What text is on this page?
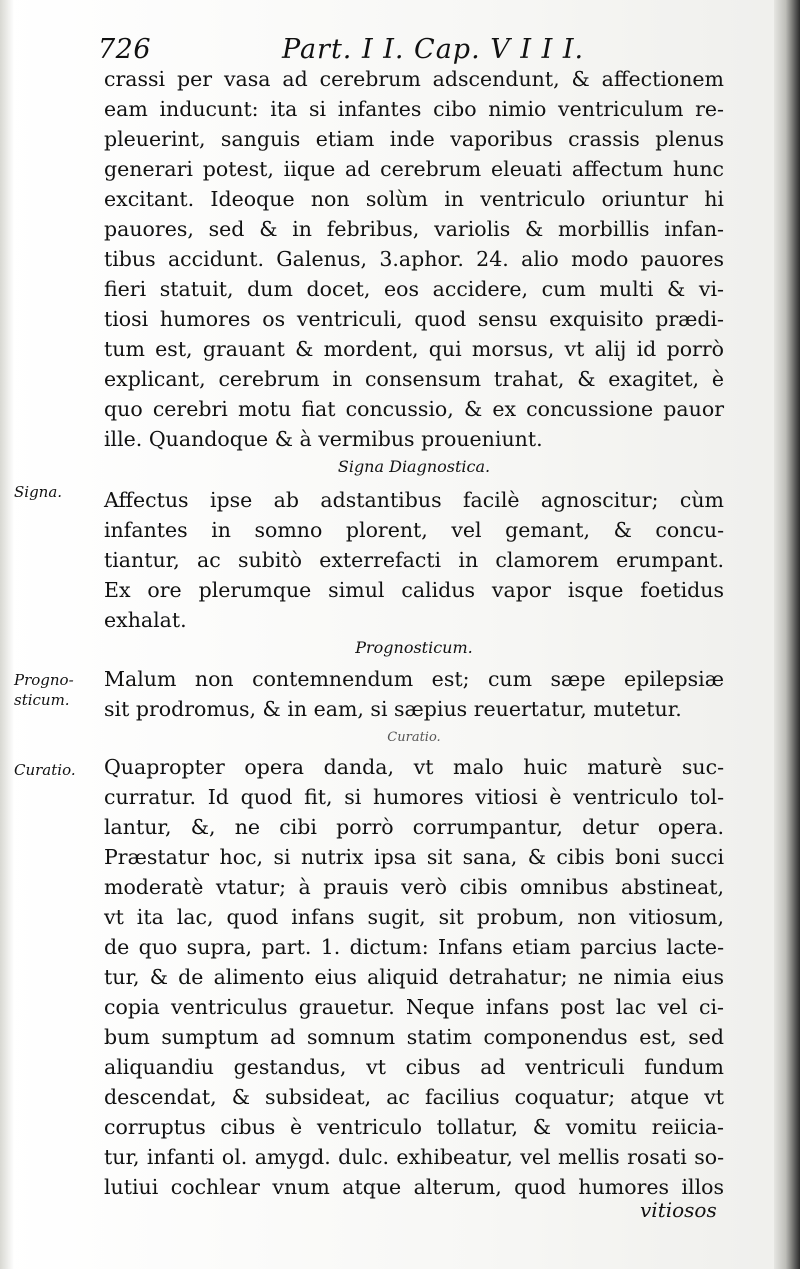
726	Part. I I. Cap. V I I I.
crassi per vasa ad cerebrum adscendunt, & affectionem
eam inducunt: ita si infantes cibo nimio ventriculum re-
pleuerint, sanguis etiam inde vaporibus crassis plenus
generari potest, iique ad cerebrum eleuati affectum hunc
excitant. Ideoque non solùm in ventriculo oriuntur hi
pauores, sed & in febribus, variolis & morbillis infan-
tibus accidunt. Galenus, 3.aphor. 24. alio modo pauores
fieri statuit, dum docet, eos accidere, cum multi & vi-
tiosi humores os ventriculi, quod sensu exquisito prædi-
tum est, grauant & mordent, qui morsus, vt alij id porrò
explicant, cerebrum in consensum trahat, & exagitet, è
quo cerebri motu fiat concussio, & ex concussione pauor
ille. Quandoque & à vermibus proueniunt.
Signa Diagnostica.
Signa. Affectus ipse ab adstantibus facilè agnoscitur; cùm
infantes in somno plorent, vel gemant, & concu-
tiantur, ac subitò exterrefacti in clamorem erumpant.
Ex ore plerumque simul calidus vapor isque foetidus
exhalat.
Prognosticum.
Progno-
sticum.
Malum non contemnendum est; cum sæpe epilepsiæ
sit prodromus, & in eam, si sæpius reuertatur, mutetur.
Curatio.
Curatio. Quapropter opera danda, vt malo huic maturè suc-
curratur. Id quod fit, si humores vitiosi è ventriculo tol-
lantur, &, ne cibi porrò corrumpantur, detur opera.
Præstatur hoc, si nutrix ipsa sit sana, & cibis boni succi
moderatè vtatur; à prauis verò cibis omnibus abstineat,
vt ita lac, quod infans sugit, sit probum, non vitiosum,
de quo supra, part. 1. dictum: Infans etiam parcius lacte-
tur, & de alimento eius aliquid detrahatur; ne nimia eius
copia ventriculus grauetur. Neque infans post lac vel ci-
bum sumptum ad somnum statim componendus est, sed
aliquandiu gestandus, vt cibus ad ventriculi fundum
descendat, & subsideat, ac facilius coquatur; atque vt
corruptus cibus è ventriculo tollatur, & vomitu reiicia-
tur, infanti ol. amygd. dulc. exhibeatur, vel mellis rosati so-
lutiui cochlear vnum atque alterum, quod humores illos
vitiosos
